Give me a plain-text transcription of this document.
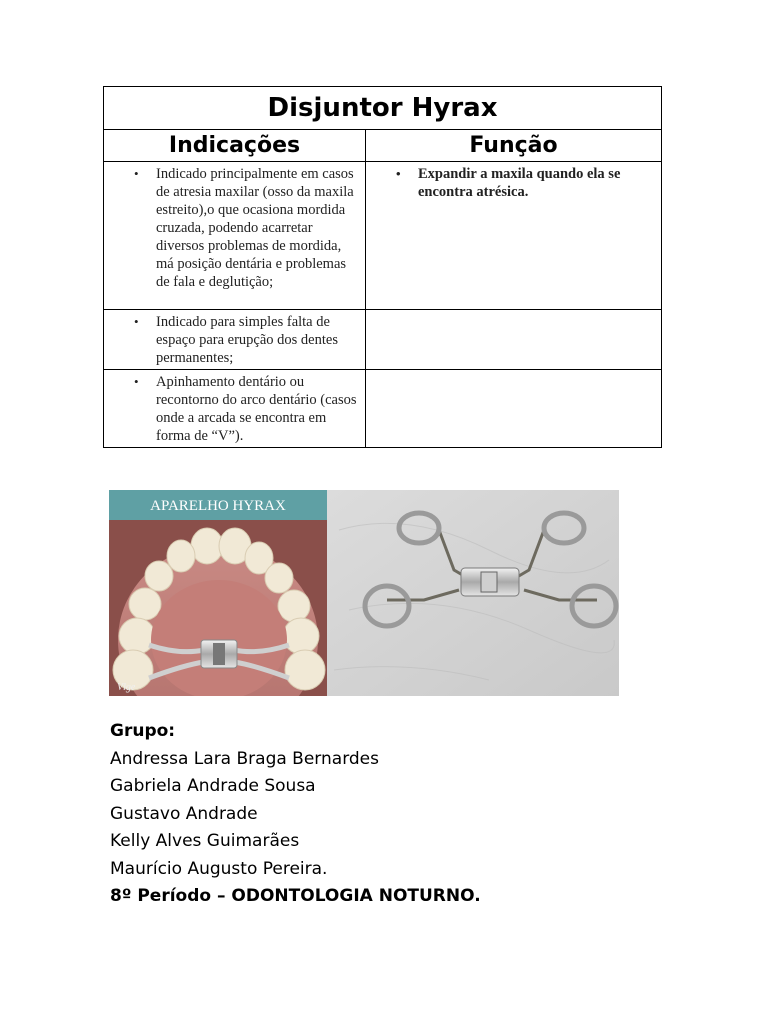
Disjuntor Hyrax	
Indicações	Função

• Indicado principalmente em casos de atresia maxilar (osso da maxila estreito),o que ocasiona mordida cruzada, podendo acarretar diversos problemas de mordida, má posição dentária e problemas de fala e deglutição;	• Expandir a maxila quando ela se encontra atrésica.

• Indicado para simples falta de espaço para erupção dos dentes permanentes;	

• Apinhamento dentário ou recontorno do arco dentário (casos onde a arcada se encontra em forma de “V”).	

APARELHO HYRAX
Vlge
Grupo:
Andressa Lara Braga Bernardes
Gabriela Andrade Sousa
Gustavo Andrade
Kelly Alves Guimarães
Maurício Augusto Pereira.
8º Período – ODONTOLOGIA NOTURNO.
